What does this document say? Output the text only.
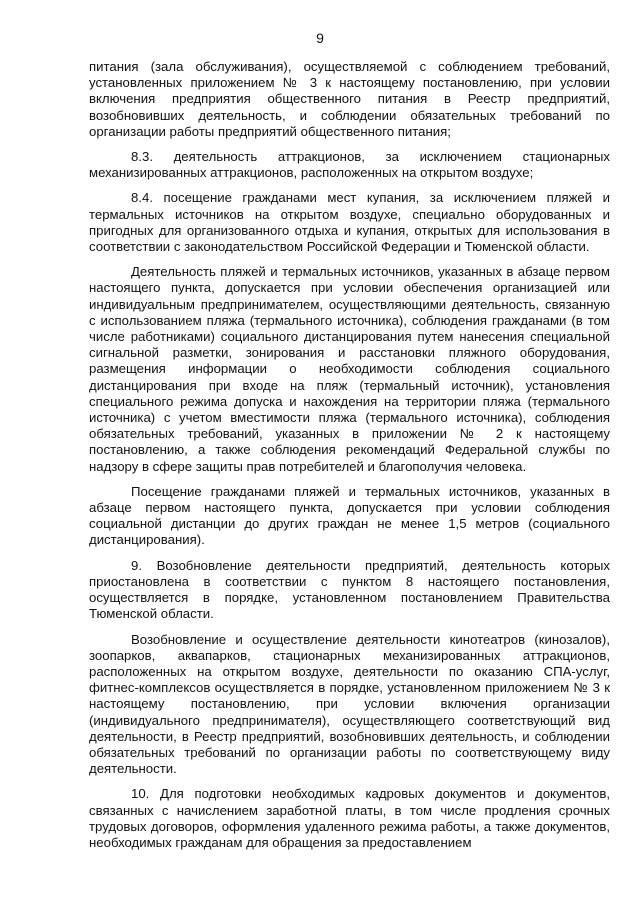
9

питания (зала обслуживания), осуществляемой с соблюдением требований, установленных приложением № 3 к настоящему постановлению, при условии включения предприятия общественного питания в Реестр предприятий, возобновивших деятельность, и соблюдении обязательных требований по организации работы предприятий общественного питания;

8.3. деятельность аттракционов, за исключением стационарных механизированных аттракционов, расположенных на открытом воздухе;

8.4. посещение гражданами мест купания, за исключением пляжей и термальных источников на открытом воздухе, специально оборудованных и пригодных для организованного отдыха и купания, открытых для использования в соответствии с законодательством Российской Федерации и Тюменской области.

Деятельность пляжей и термальных источников, указанных в абзаце первом настоящего пункта, допускается при условии обеспечения организацией или индивидуальным предпринимателем, осуществляющими деятельность, связанную с использованием пляжа (термального источника), соблюдения гражданами (в том числе работниками) социального дистанцирования путем нанесения специальной сигнальной разметки, зонирования и расстановки пляжного оборудования, размещения информации о необходимости соблюдения социального дистанцирования при входе на пляж (термальный источник), установления специального режима допуска и нахождения на территории пляжа (термального источника) с учетом вместимости пляжа (термального источника), соблюдения обязательных требований, указанных в приложении № 2 к настоящему постановлению, а также соблюдения рекомендаций Федеральной службы по надзору в сфере защиты прав потребителей и благополучия человека.

Посещение гражданами пляжей и термальных источников, указанных в абзаце первом настоящего пункта, допускается при условии соблюдения социальной дистанции до других граждан не менее 1,5 метров (социального дистанцирования).

9. Возобновление деятельности предприятий, деятельность которых приостановлена в соответствии с пунктом 8 настоящего постановления, осуществляется в порядке, установленном постановлением Правительства Тюменской области.

Возобновление и осуществление деятельности кинотеатров (кинозалов), зоопарков, аквапарков, стационарных механизированных аттракционов, расположенных на открытом воздухе, деятельности по оказанию СПА-услуг, фитнес-комплексов осуществляется в порядке, установленном приложением № 3 к настоящему постановлению, при условии включения организации (индивидуального предпринимателя), осуществляющего соответствующий вид деятельности, в Реестр предприятий, возобновивших деятельность, и соблюдении обязательных требований по организации работы по соответствующему виду деятельности.

10. Для подготовки необходимых кадровых документов и документов, связанных с начислением заработной платы, в том числе продления срочных трудовых договоров, оформления удаленного режима работы, а также документов, необходимых гражданам для обращения за предоставлением
